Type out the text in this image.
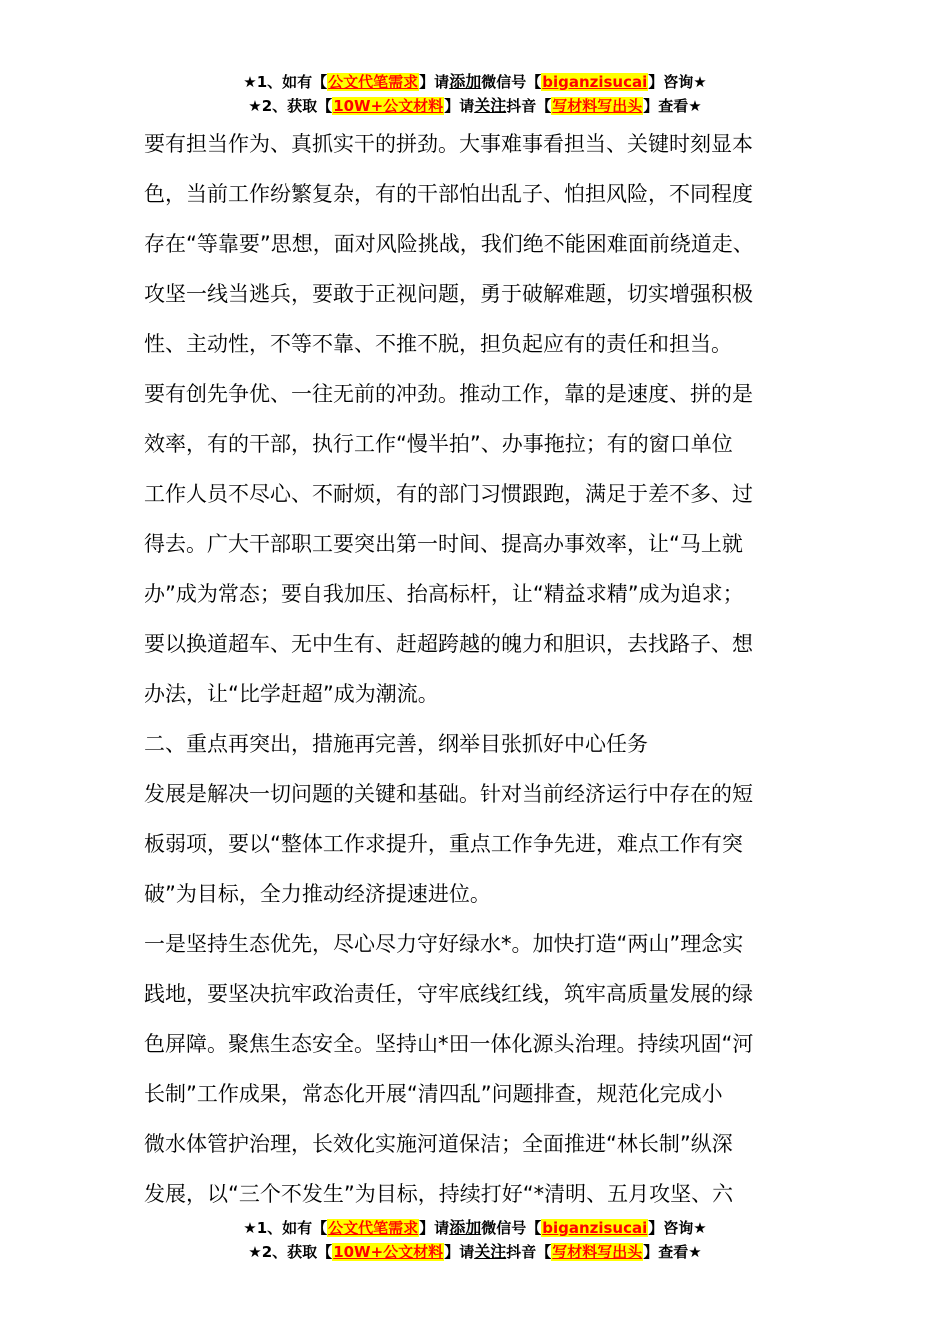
★1、如有【公文代笔需求】请添加微信号【biganzisucai】咨询★
★2、获取【10W+公文材料】请关注抖音【写材料写出头】查看★
要有担当作为、真抓实干的拼劲。大事难事看担当、关键时刻显本
色，当前工作纷繁复杂，有的干部怕出乱子、怕担风险，不同程度
存在“等靠要”思想，面对风险挑战，我们绝不能困难面前绕道走、
攻坚一线当逃兵，要敢于正视问题，勇于破解难题，切实增强积极
性、主动性，不等不靠、不推不脱，担负起应有的责任和担当。
要有创先争优、一往无前的冲劲。推动工作，靠的是速度、拼的是
效率，有的干部，执行工作“慢半拍”、办事拖拉；有的窗口单位
工作人员不尽心、不耐烦，有的部门习惯跟跑，满足于差不多、过
得去。广大干部职工要突出第一时间、提高办事效率，让“马上就
办”成为常态；要自我加压、抬高标杆，让“精益求精”成为追求；
要以换道超车、无中生有、赶超跨越的魄力和胆识，去找路子、想
办法，让“比学赶超”成为潮流。
二、重点再突出，措施再完善，纲举目张抓好中心任务
发展是解决一切问题的关键和基础。针对当前经济运行中存在的短
板弱项，要以“整体工作求提升，重点工作争先进，难点工作有突
破”为目标，全力推动经济提速进位。
一是坚持生态优先，尽心尽力守好绿水*。加快打造“两山”理念实
践地，要坚决抗牢政治责任，守牢底线红线，筑牢高质量发展的绿
色屏障。聚焦生态安全。坚持山*田一体化源头治理。持续巩固“河
长制”工作成果，常态化开展“清四乱”问题排查，规范化完成小
微水体管护治理，长效化实施河道保洁；全面推进“林长制”纵深
发展，以“三个不发生”为目标，持续打好“*清明、五月攻坚、六
★1、如有【公文代笔需求】请添加微信号【biganzisucai】咨询★
★2、获取【10W+公文材料】请关注抖音【写材料写出头】查看★
